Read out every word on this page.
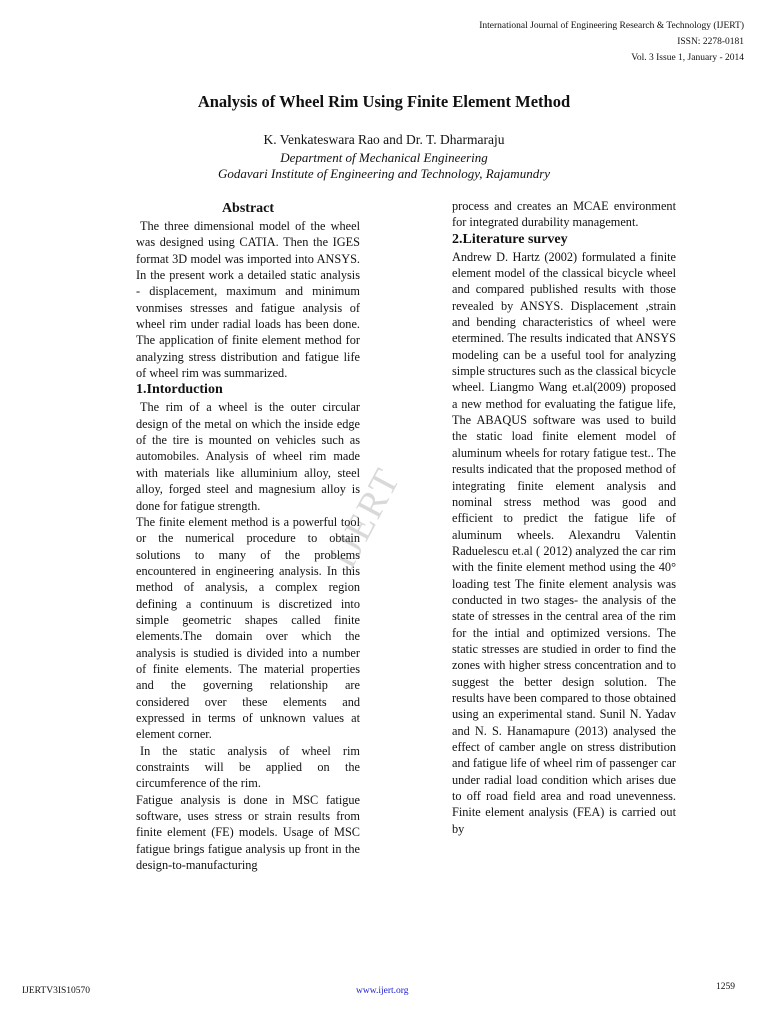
International Journal of Engineering Research & Technology (IJERT)
ISSN: 2278-0181
Vol. 3 Issue 1, January - 2014
Analysis of Wheel Rim Using Finite Element Method
K. Venkateswara Rao and Dr. T. Dharmaraju
Department of Mechanical Engineering
Godavari Institute of Engineering and Technology, Rajamundry
Abstract

The three dimensional model of the wheel was designed using CATIA. Then the IGES format 3D model was imported into ANSYS. In the present work a detailed static analysis - displacement, maximum and minimum vonmises stresses and fatigue analysis of wheel rim under radial loads has been done. The application of finite element method for analyzing stress distribution and fatigue life of wheel rim was summarized.

1.Intorduction

The rim of a wheel is the outer circular design of the metal on which the inside edge of the tire is mounted on vehicles such as automobiles. Analysis of wheel rim made with materials like alluminium alloy, steel alloy, forged steel and magnesium alloy is done for fatigue strength.

The finite element method is a powerful tool or the numerical procedure to obtain solutions to many of the problems encountered in engineering analysis. In this method of analysis, a complex region defining a continuum is discretized into simple geometric shapes called finite elements.The domain over which the analysis is studied is divided into a number of finite elements. The material properties and the governing relationship are considered over these elements and expressed in terms of unknown values at element corner.

In the static analysis of wheel rim constraints will be applied on the circumference of the rim.

Fatigue analysis is done in MSC fatigue software, uses stress or strain results from finite element (FE) models. Usage of MSC fatigue brings fatigue analysis up front in the design-to-manufacturing

process and creates an MCAE environment for integrated durability management.

2.Literature survey

Andrew D. Hartz (2002) formulated a finite element model of the classical bicycle wheel and compared published results with those revealed by ANSYS. Displacement ,strain and bending characteristics of wheel were etermined. The results indicated that ANSYS modeling can be a useful tool for analyzing simple structures such as the classical bicycle wheel. Liangmo Wang et.al(2009) proposed a new method for evaluating the fatigue life, The ABAQUS software was used to build the static load finite element model of aluminum wheels for rotary fatigue test.. The results indicated that the proposed method of integrating finite element analysis and nominal stress method was good and efficient to predict the fatigue life of aluminum wheels. Alexandru Valentin Raduelescu et.al ( 2012) analyzed the car rim with the finite element method using the 40° loading test The finite element analysis was conducted in two stages- the analysis of the state of stresses in the central area of the rim for the intial and optimized versions. The static stresses are studied in order to find the zones with higher stress concentration and to suggest the better design solution. The results have been compared to those obtained using an experimental stand. Sunil N. Yadav and N. S. Hanamapure (2013) analysed the effect of camber angle on stress distribution and fatigue life of wheel rim of passenger car under radial load condition which arises due to off road field area and road unevenness. Finite element analysis (FEA) is carried out by

IJERT
IJERTV3IS10570	www.ijert.org	1259
